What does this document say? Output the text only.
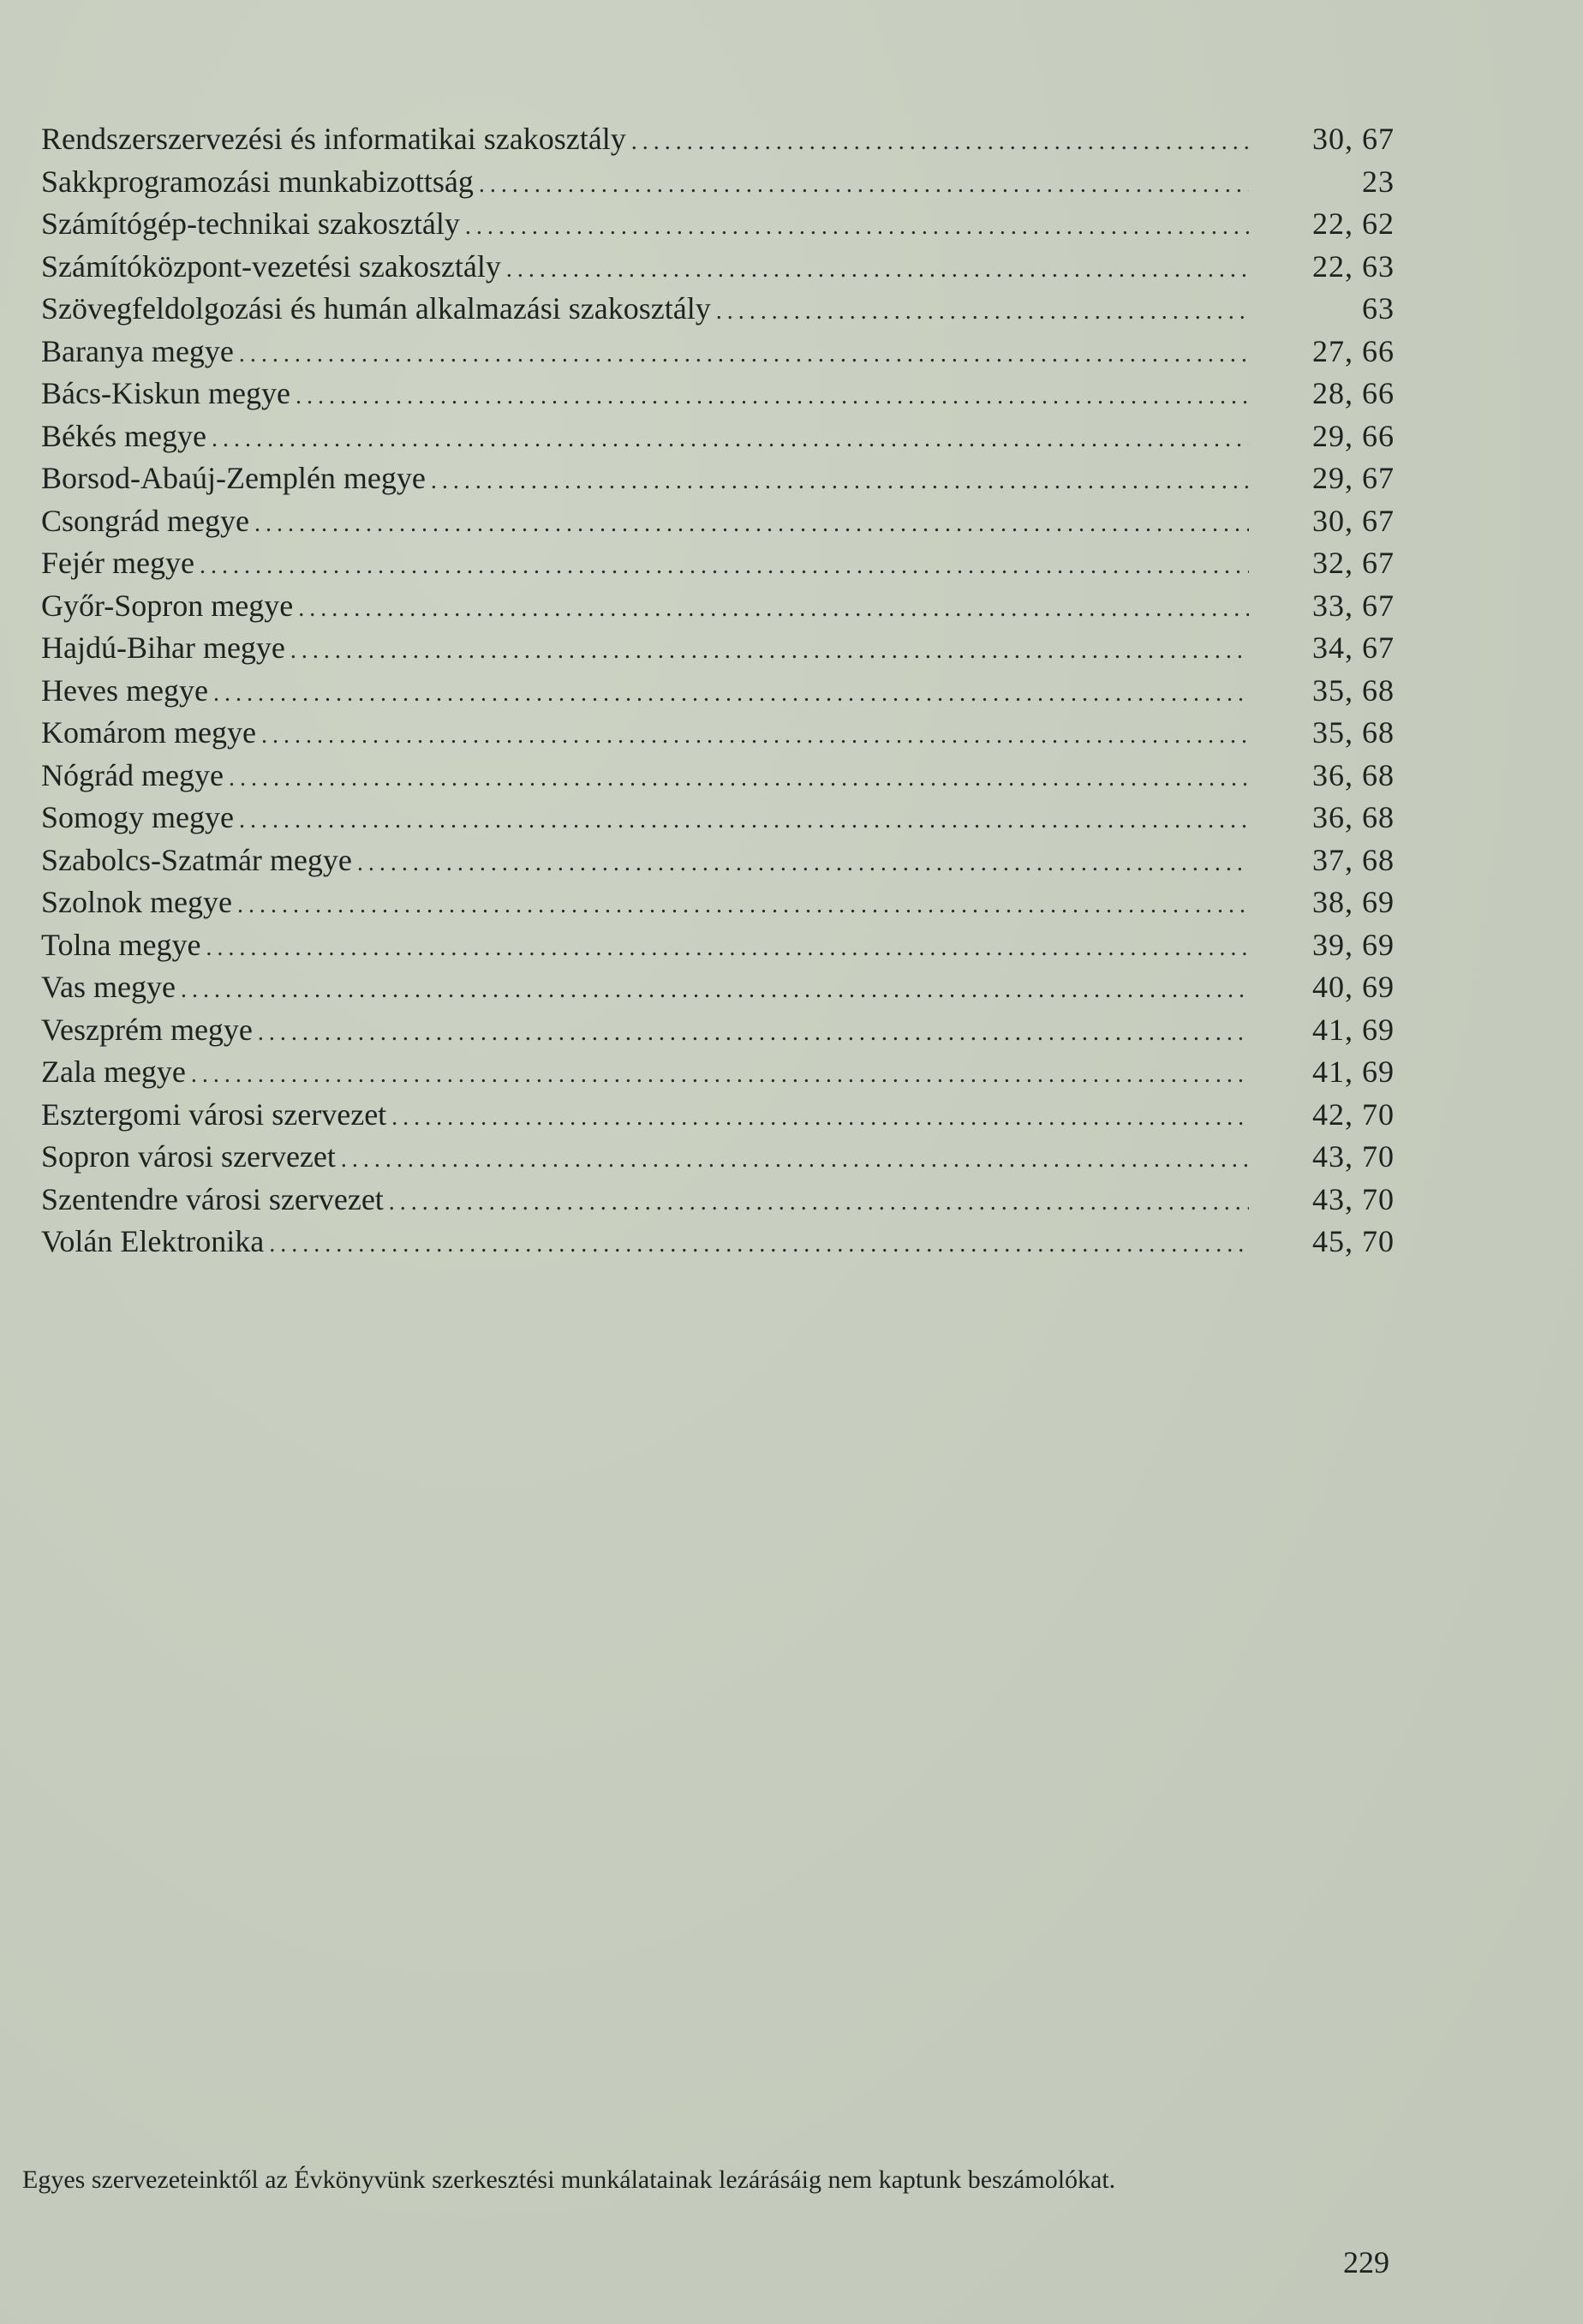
Rendszerszervezési és informatikai szakosztály .....	30, 67
Sakkprogramozási munkabizottság .....	23
Számítógép-technikai szakosztály .....	22, 62
Számítóközpont-vezetési szakosztály .....	22, 63
Szövegfeldolgozási és humán alkalmazási szakosztály .....	63
Baranya megye .....	27, 66
Bács-Kiskun megye .....	28, 66
Békés megye .....	29, 66
Borsod-Abaúj-Zemplén megye .....	29, 67
Csongrád megye .....	30, 67
Fejér megye .....	32, 67
Győr-Sopron megye .....	33, 67
Hajdú-Bihar megye .....	34, 67
Heves megye .....	35, 68
Komárom megye .....	35, 68
Nógrád megye .....	36, 68
Somogy megye .....	36, 68
Szabolcs-Szatmár megye .....	37, 68
Szolnok megye .....	38, 69
Tolna megye .....	39, 69
Vas megye .....	40, 69
Veszprém megye .....	41, 69
Zala megye .....	41, 69
Esztergomi városi szervezet .....	42, 70
Sopron városi szervezet .....	43, 70
Szentendre városi szervezet .....	43, 70
Volán Elektronika .....	45, 70
Egyes szervezeteinktől az Évkönyvünk szerkesztési munkálatainak lezárásáig nem kaptunk beszámolókat.
229
